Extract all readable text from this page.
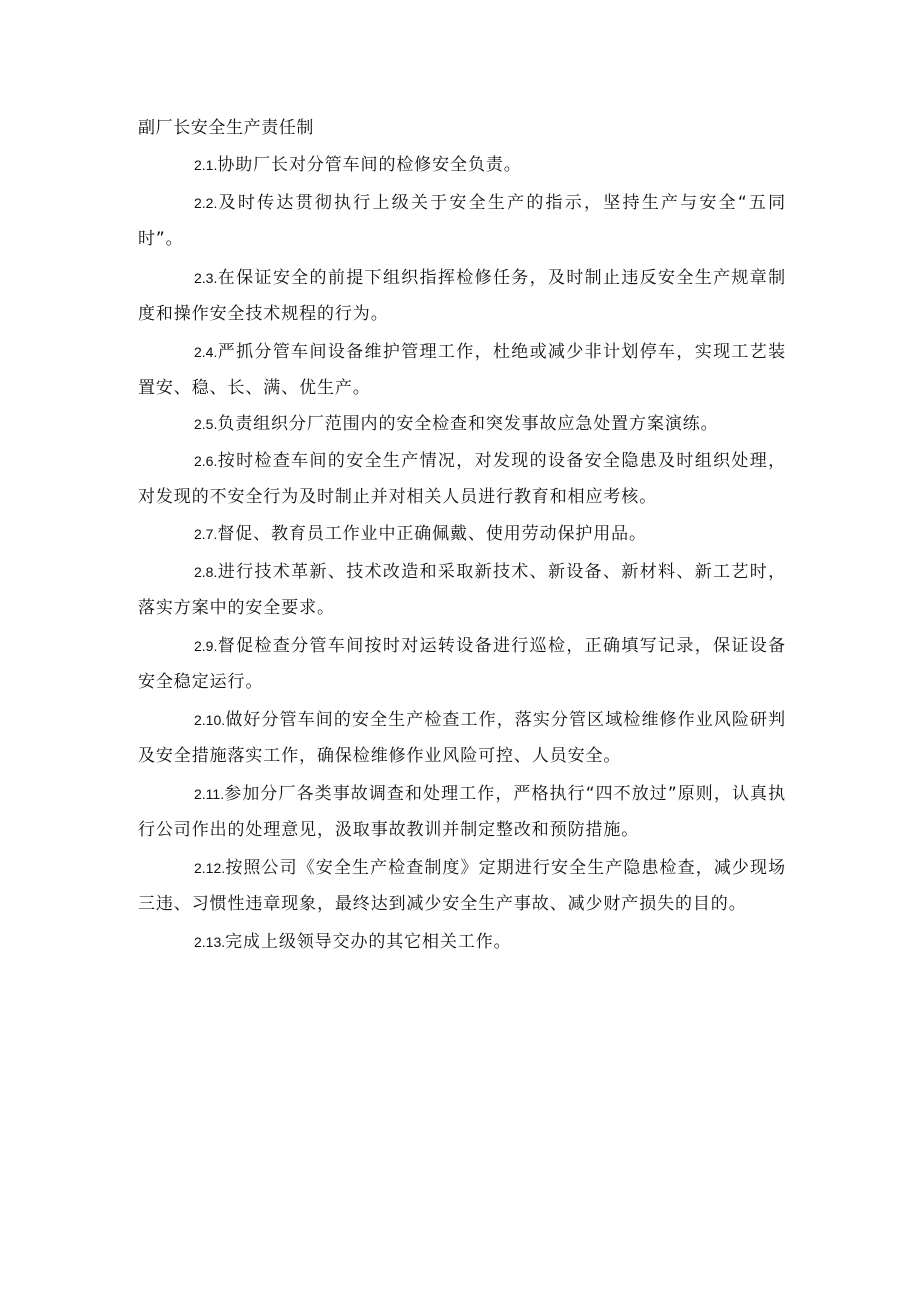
副厂长安全生产责任制

2.1.协助厂长对分管车间的检修安全负责。

2.2.及时传达贯彻执行上级关于安全生产的指示，坚持生产与安全“五同时”。

2.3.在保证安全的前提下组织指挥检修任务，及时制止违反安全生产规章制度和操作安全技术规程的行为。

2.4.严抓分管车间设备维护管理工作，杜绝或减少非计划停车，实现工艺装置安、稳、长、满、优生产。

2.5.负责组织分厂范围内的安全检查和突发事故应急处置方案演练。

2.6.按时检查车间的安全生产情况，对发现的设备安全隐患及时组织处理，对发现的不安全行为及时制止并对相关人员进行教育和相应考核。

2.7.督促、教育员工作业中正确佩戴、使用劳动保护用品。

2.8.进行技术革新、技术改造和采取新技术、新设备、新材料、新工艺时，落实方案中的安全要求。

2.9.督促检查分管车间按时对运转设备进行巡检，正确填写记录，保证设备安全稳定运行。

2.10.做好分管车间的安全生产检查工作，落实分管区域检维修作业风险研判及安全措施落实工作，确保检维修作业风险可控、人员安全。

2.11.参加分厂各类事故调查和处理工作，严格执行“四不放过”原则，认真执行公司作出的处理意见，汲取事故教训并制定整改和预防措施。

2.12.按照公司《安全生产检查制度》定期进行安全生产隐患检查，减少现场三违、习惯性违章现象，最终达到减少安全生产事故、减少财产损失的目的。

2.13.完成上级领导交办的其它相关工作。
